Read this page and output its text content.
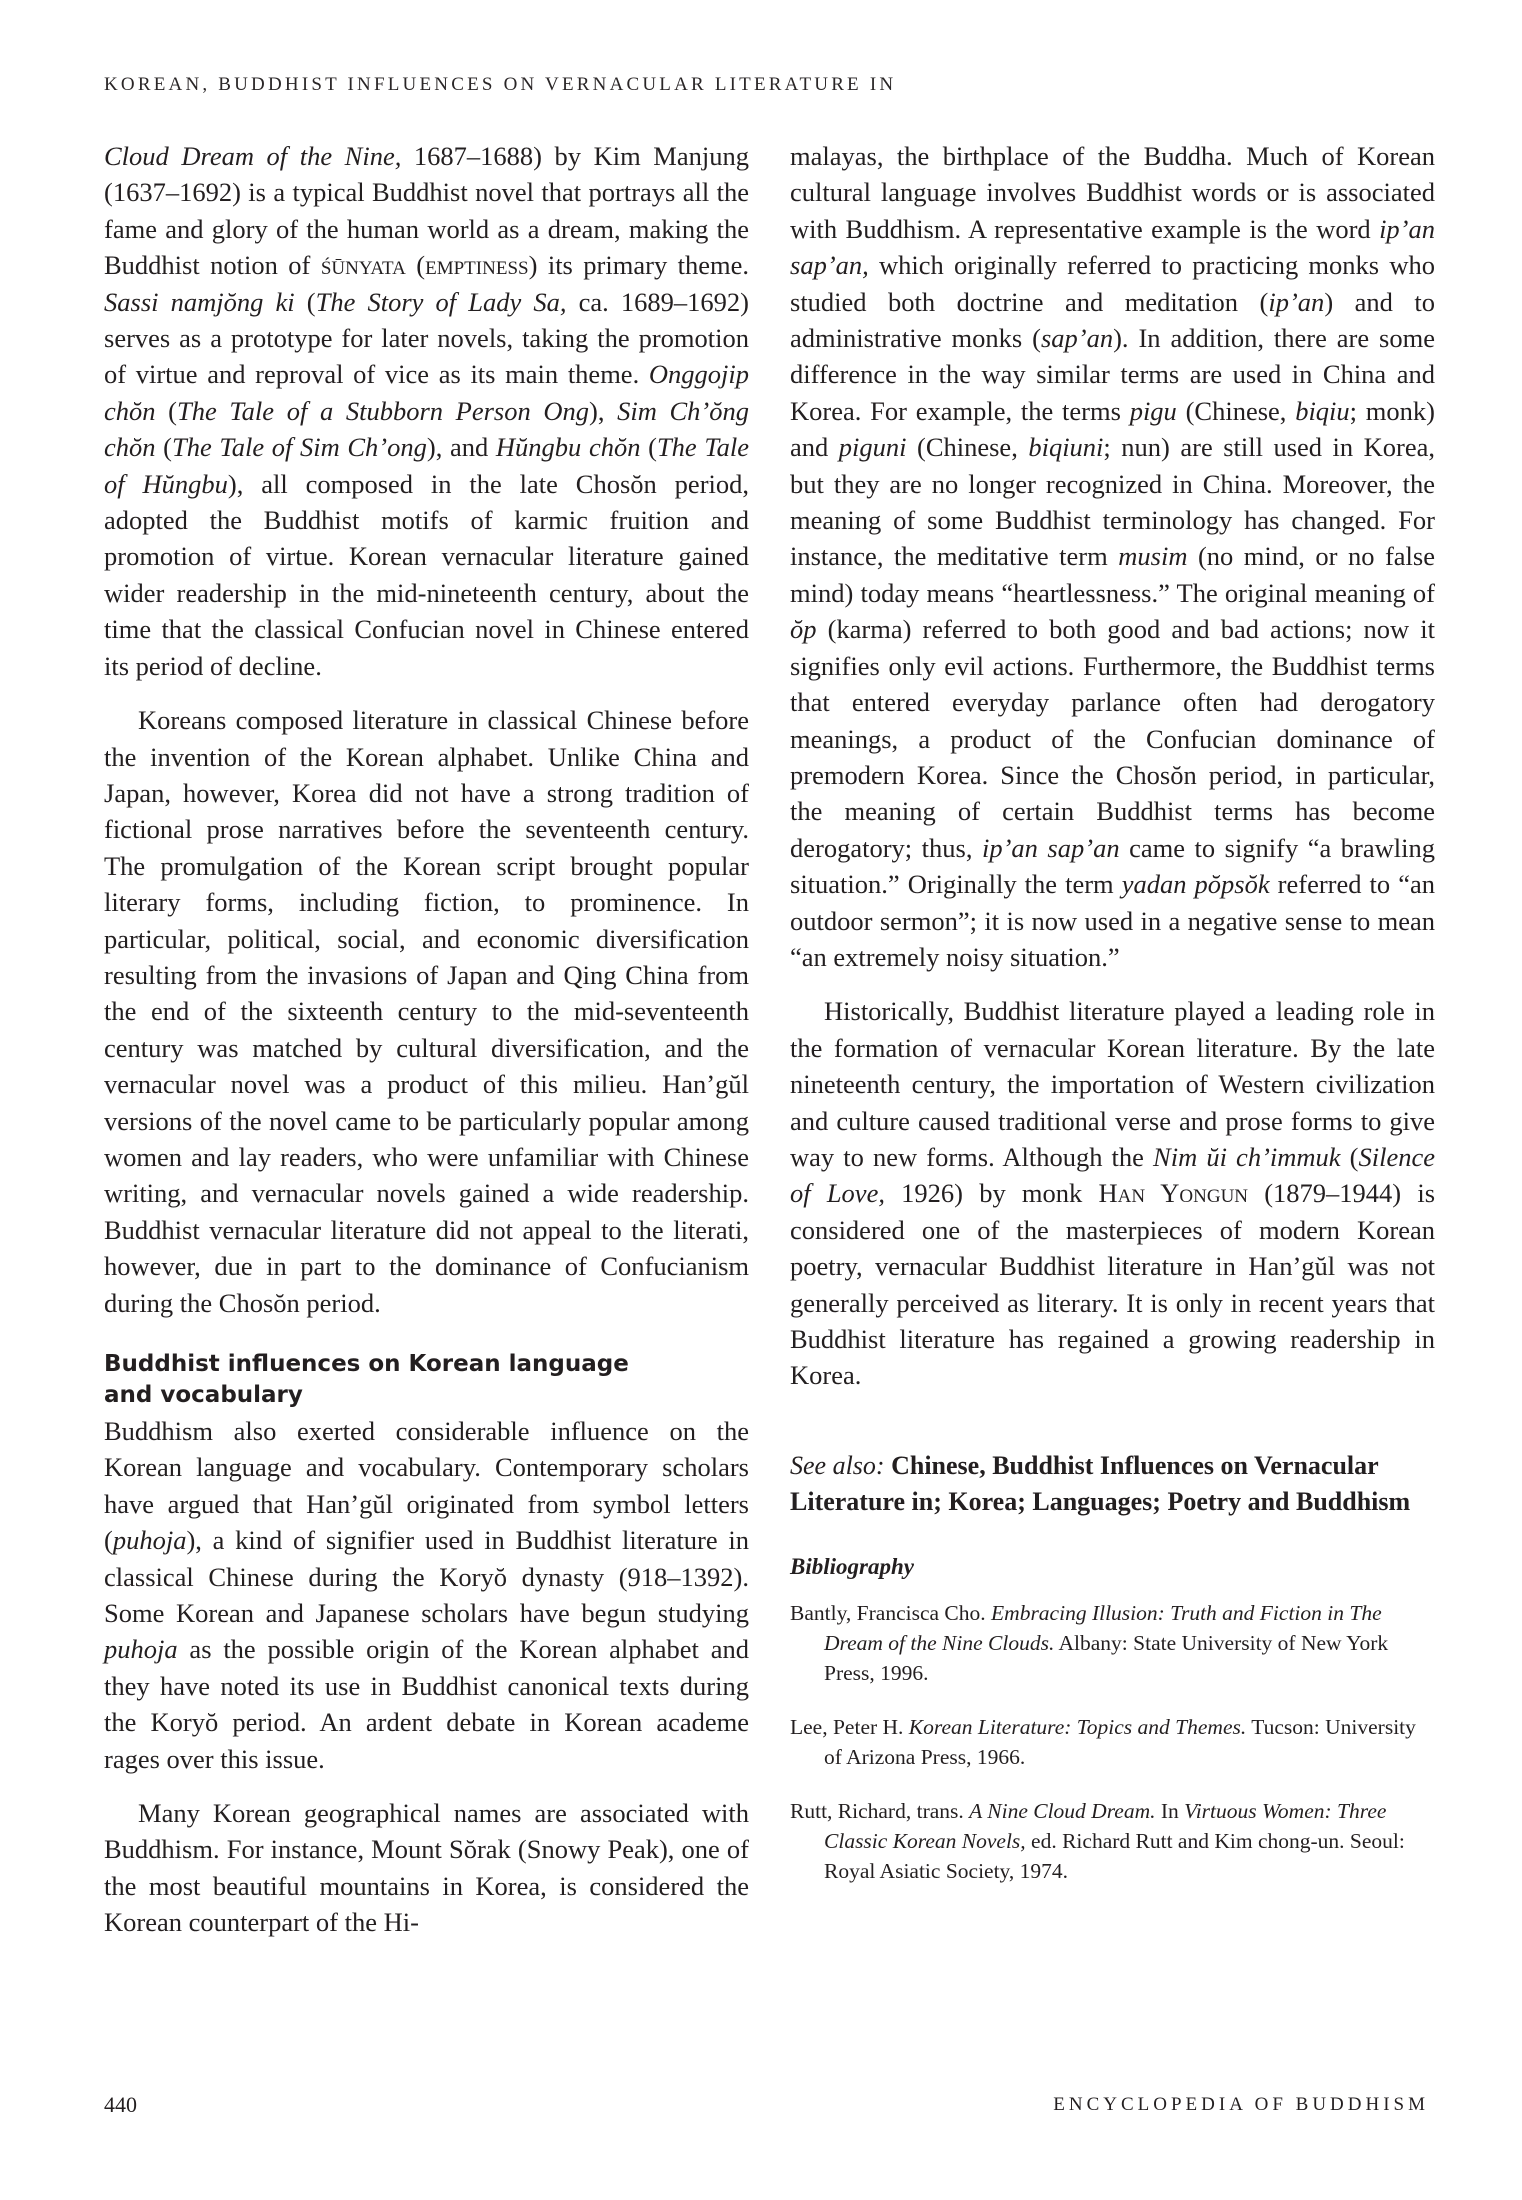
KOREAN, BUDDHIST INFLUENCES ON VERNACULAR LITERATURE IN

Cloud Dream of the Nine, 1687–1688) by Kim Manjung (1637–1692) is a typical Buddhist novel that portrays all the fame and glory of the human world as a dream, making the Buddhist notion of śūnyata (emptiness) its primary theme. Sassi namjŏng ki (The Story of Lady Sa, ca. 1689–1692) serves as a prototype for later novels, taking the promotion of virtue and reproval of vice as its main theme. Onggojip chŏn (The Tale of a Stubborn Person Ong), Sim Ch’ŏng chŏn (The Tale of Sim Ch’ong), and Hŭngbu chŏn (The Tale of Hŭngbu), all composed in the late Chosŏn period, adopted the Buddhist motifs of karmic fruition and promotion of virtue. Korean vernacular literature gained wider readership in the mid-nineteenth century, about the time that the classical Confucian novel in Chinese entered its period of decline.

Koreans composed literature in classical Chinese before the invention of the Korean alphabet. Unlike China and Japan, however, Korea did not have a strong tradition of fictional prose narratives before the seventeenth century. The promulgation of the Korean script brought popular literary forms, including fiction, to prominence. In particular, political, social, and economic diversification resulting from the invasions of Japan and Qing China from the end of the sixteenth century to the mid-seventeenth century was matched by cultural diversification, and the vernacular novel was a product of this milieu. Han’gŭl versions of the novel came to be particularly popular among women and lay readers, who were unfamiliar with Chinese writing, and vernacular novels gained a wide readership. Buddhist vernacular literature did not appeal to the literati, however, due in part to the dominance of Confucianism during the Chosŏn period.

Buddhist influences on Korean language and vocabulary

Buddhism also exerted considerable influence on the Korean language and vocabulary. Contemporary scholars have argued that Han’gŭl originated from symbol letters (puhoja), a kind of signifier used in Buddhist literature in classical Chinese during the Koryŏ dynasty (918–1392). Some Korean and Japanese scholars have begun studying puhoja as the possible origin of the Korean alphabet and they have noted its use in Buddhist canonical texts during the Koryŏ period. An ardent debate in Korean academe rages over this issue.

Many Korean geographical names are associated with Buddhism. For instance, Mount Sŏrak (Snowy Peak), one of the most beautiful mountains in Korea, is considered the Korean counterpart of the Hi-

malayas, the birthplace of the Buddha. Much of Korean cultural language involves Buddhist words or is associated with Buddhism. A representative example is the word ip’an sap’an, which originally referred to practicing monks who studied both doctrine and meditation (ip’an) and to administrative monks (sap’an). In addition, there are some difference in the way similar terms are used in China and Korea. For example, the terms pigu (Chinese, biqiu; monk) and piguni (Chinese, biqiuni; nun) are still used in Korea, but they are no longer recognized in China. Moreover, the meaning of some Buddhist terminology has changed. For instance, the meditative term musim (no mind, or no false mind) today means “heartlessness.” The original meaning of ŏp (karma) referred to both good and bad actions; now it signifies only evil actions. Furthermore, the Buddhist terms that entered everyday parlance often had derogatory meanings, a product of the Confucian dominance of premodern Korea. Since the Chosŏn period, in particular, the meaning of certain Buddhist terms has become derogatory; thus, ip’an sap’an came to signify “a brawling situation.” Originally the term yadan pŏpsŏk referred to “an outdoor sermon”; it is now used in a negative sense to mean “an extremely noisy situation.”

Historically, Buddhist literature played a leading role in the formation of vernacular Korean literature. By the late nineteenth century, the importation of Western civilization and culture caused traditional verse and prose forms to give way to new forms. Although the Nim ŭi ch’immuk (Silence of Love, 1926) by monk Han Yongun (1879–1944) is considered one of the masterpieces of modern Korean poetry, vernacular Buddhist literature in Han’gŭl was not generally perceived as literary. It is only in recent years that Buddhist literature has regained a growing readership in Korea.

See also: Chinese, Buddhist Influences on Vernacular Literature in; Korea; Languages; Poetry and Buddhism

Bibliography

Bantly, Francisca Cho. Embracing Illusion: Truth and Fiction in The Dream of the Nine Clouds. Albany: State University of New York Press, 1996.

Lee, Peter H. Korean Literature: Topics and Themes. Tucson: University of Arizona Press, 1966.

Rutt, Richard, trans. A Nine Cloud Dream. In Virtuous Women: Three Classic Korean Novels, ed. Richard Rutt and Kim chong-un. Seoul: Royal Asiatic Society, 1974.

440	ENCYCLOPEDIA OF BUDDHISM
